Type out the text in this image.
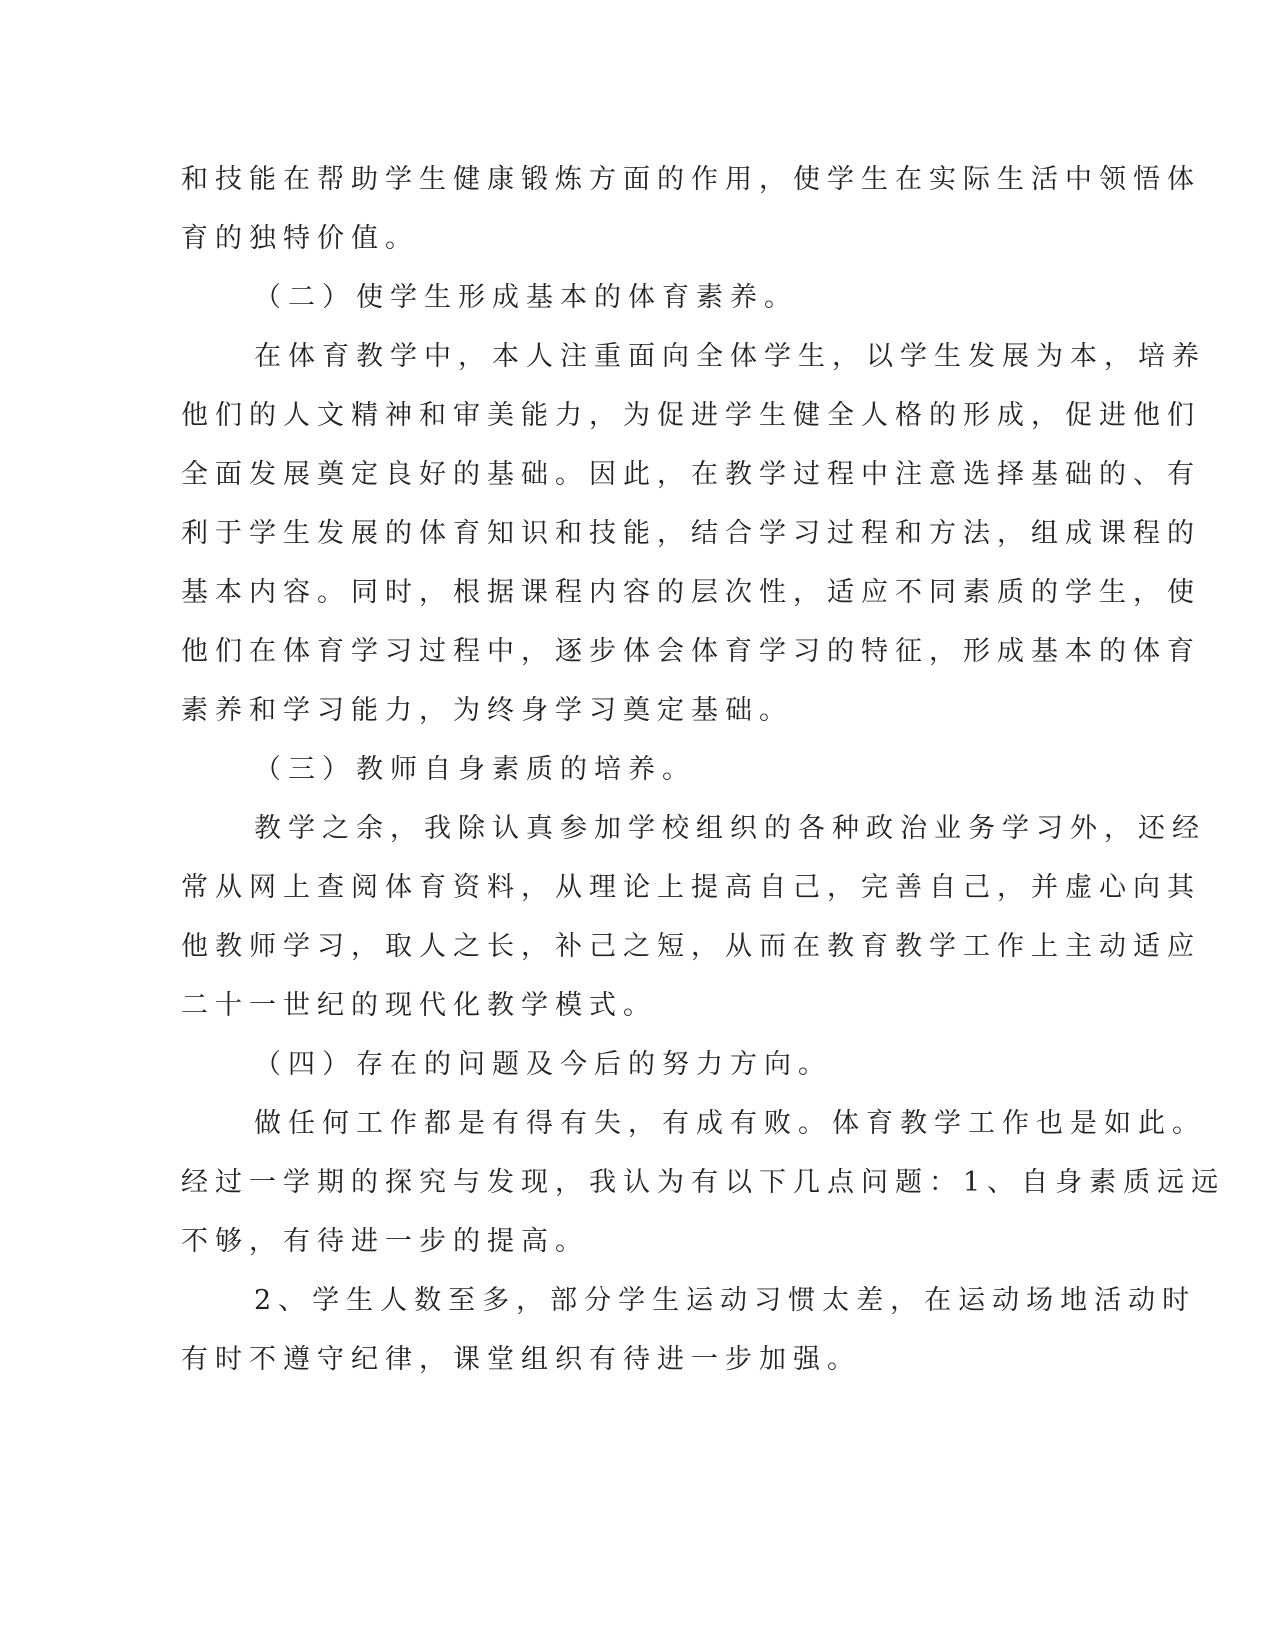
和技能在帮助学生健康锻炼方面的作用，使学生在实际生活中领悟体
育的独特价值。
（二）使学生形成基本的体育素养。
在体育教学中，本人注重面向全体学生，以学生发展为本，培养
他们的人文精神和审美能力，为促进学生健全人格的形成，促进他们
全面发展奠定良好的基础。因此，在教学过程中注意选择基础的、有
利于学生发展的体育知识和技能，结合学习过程和方法，组成课程的
基本内容。同时，根据课程内容的层次性，适应不同素质的学生，使
他们在体育学习过程中，逐步体会体育学习的特征，形成基本的体育
素养和学习能力，为终身学习奠定基础。
（三）教师自身素质的培养。
教学之余，我除认真参加学校组织的各种政治业务学习外，还经
常从网上查阅体育资料，从理论上提高自己，完善自己，并虚心向其
他教师学习，取人之长，补己之短，从而在教育教学工作上主动适应
二十一世纪的现代化教学模式。
（四）存在的问题及今后的努力方向。
做任何工作都是有得有失，有成有败。体育教学工作也是如此。
经过一学期的探究与发现，我认为有以下几点问题：1、自身素质远远
不够，有待进一步的提高。
2、学生人数至多，部分学生运动习惯太差，在运动场地活动时
有时不遵守纪律，课堂组织有待进一步加强。
